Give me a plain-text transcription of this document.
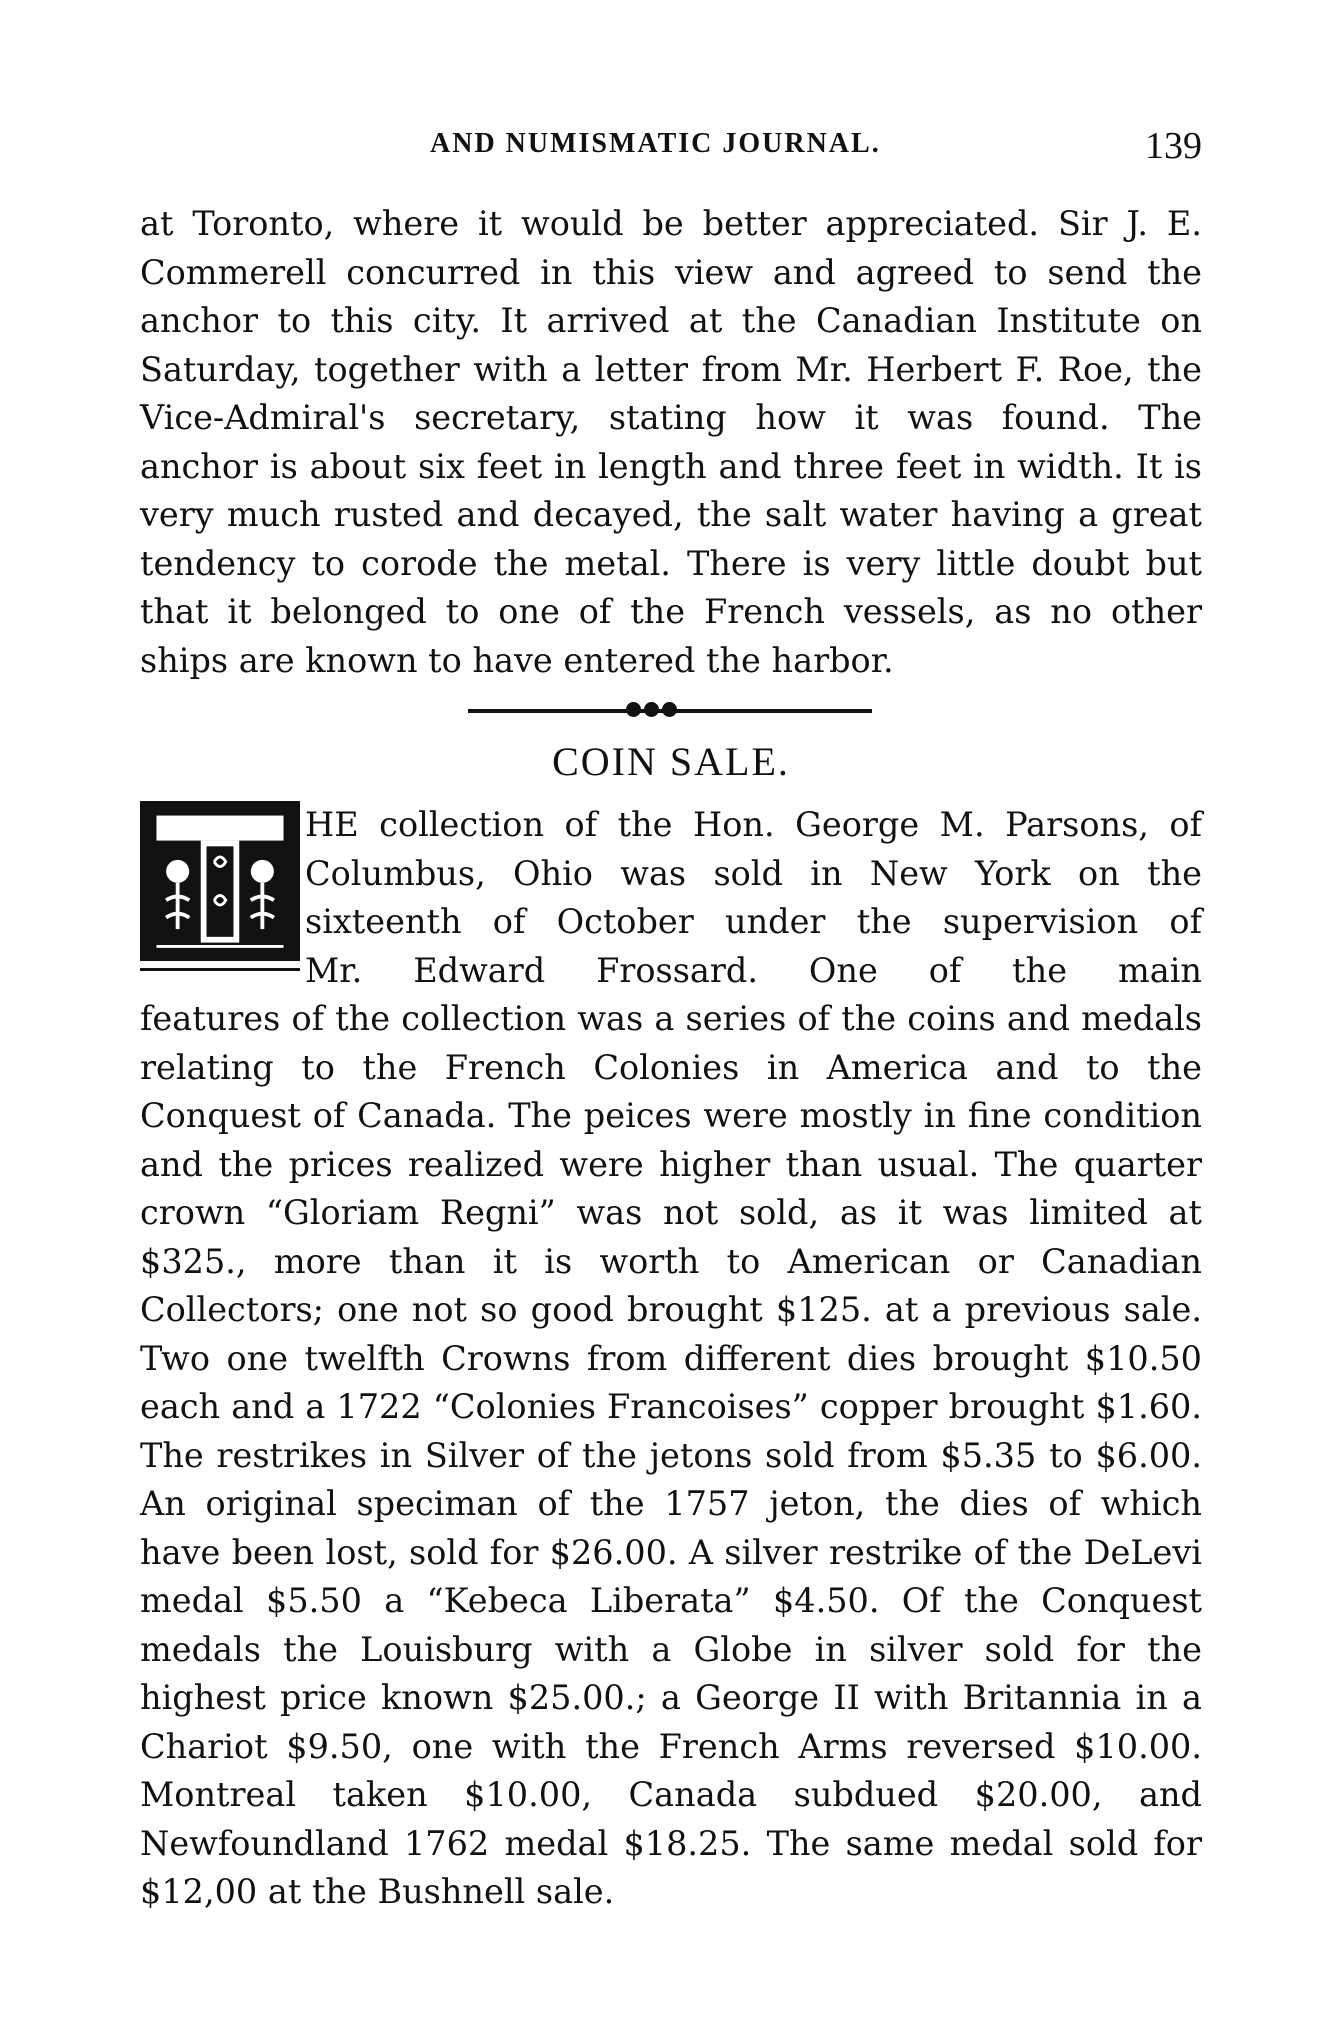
AND NUMISMATIC JOURNAL.	139
at Toronto, where it would be better appreciated. Sir J. E. Commerell concurred in this view and agreed to send the anchor to this city. It arrived at the Canadian Institute on Saturday, together with a letter from Mr. Herbert F. Roe, the Vice-Admiral's secretary, stating how it was found. The anchor is about six feet in length and three feet in width. It is very much rusted and decayed, the salt water having a great tendency to corode the metal. There is very little doubt but that it belonged to one of the French vessels, as no other ships are known to have entered the harbor.
COIN SALE.
HE collection of the Hon. George M. Parsons, of
Columbus, Ohio was sold in New York on the
sixteenth of October under the supervision of
Mr. Edward Frossard. One of the main
features of the collection was a series of the coins and medals relating to the French Colonies in America and to the Conquest of Canada. The peices were mostly in fine condition and the prices realized were higher than usual. The quarter crown “Gloriam Regni” was not sold, as it was limited at $325., more than it is worth to American or Canadian Collectors; one not so good brought $125. at a previous sale. Two one twelfth Crowns from different dies brought $10.50 each and a 1722 “Colonies Francoises” copper brought $1.60. The restrikes in Silver of the jetons sold from $5.35 to $6.00. An original speciman of the 1757 jeton, the dies of which have been lost, sold for $26.00. A silver restrike of the DeLevi medal $5.50 a “Kebeca Liberata” $4.50. Of the Conquest medals the Louisburg with a Globe in silver sold for the highest price known $25.00.; a George II with Britannia in a Chariot $9.50, one with the French Arms reversed $10.00. Montreal taken $10.00, Canada subdued $20.00, and Newfoundland 1762 medal $18.25. The same medal sold for $12,00 at the Bushnell sale.
